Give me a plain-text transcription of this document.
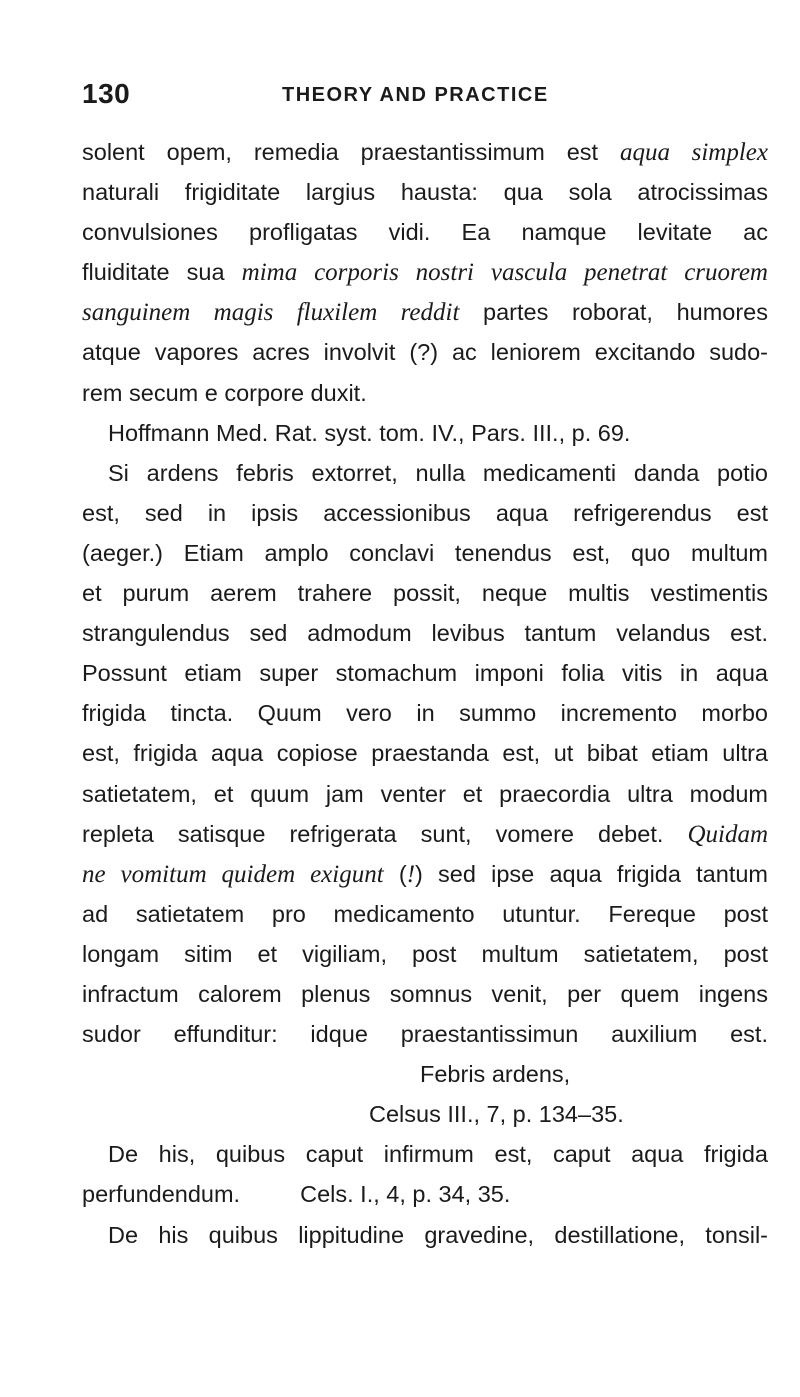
130	THEORY AND PRACTICE
solent opem, remedia praestantissimum est aqua simplex
naturali frigiditate largius hausta: qua sola atrocissimas
convulsiones profligatas vidi. Ea namque levitate ac
fluiditate sua mima corporis nostri vascula penetrat cruorem
sanguinem magis fluxilem reddit partes roborat, humores
atque vapores acres involvit (?) ac leniorem excitando sudo-
rem secum e corpore duxit.
Hoffmann Med. Rat. syst. tom. IV., Pars. III., p. 69.
Si ardens febris extorret, nulla medicamenti danda potio
est, sed in ipsis accessionibus aqua refrigerendus est
(aeger.) Etiam amplo conclavi tenendus est, quo multum
et purum aerem trahere possit, neque multis vestimentis
strangulendus sed admodum levibus tantum velandus est.
Possunt etiam super stomachum imponi folia vitis in aqua
frigida tincta. Quum vero in summo incremento morbo
est, frigida aqua copiose praestanda est, ut bibat etiam ultra
satietatem, et quum jam venter et praecordia ultra modum
repleta satisque refrigerata sunt, vomere debet. Quidam
ne vomitum quidem exigunt (!) sed ipse aqua frigida tantum
ad satietatem pro medicamento utuntur. Fereque post
longam sitim et vigiliam, post multum satietatem, post
infractum calorem plenus somnus venit, per quem ingens
sudor effunditur: idque praestantissimun auxilium est.
Febris ardens,
Celsus III., 7, p. 134–35.
De his, quibus caput infirmum est, caput aqua frigida
perfundendum.	Cels. I., 4, p. 34, 35.
De his quibus lippitudine gravedine, destillatione, tonsil-
